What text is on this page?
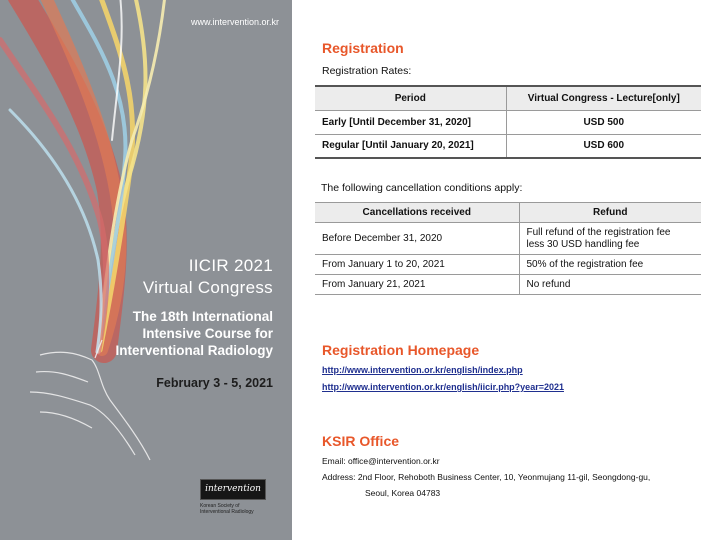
www.intervention.or.kr
IICIR 2021
Virtual Congress
The 18th International
Intensive Course for
Interventional Radiology
February 3 - 5, 2021
intervention
Korean Society of
Interventional Radiology
Registration
Registration Rates:
Period	Virtual Congress - Lecture[only]
Early [Until December 31, 2020]	USD 500
Regular [Until January 20, 2021]	USD 600
The following cancellation conditions apply:
Cancellations received	Refund
Before December 31, 2020	Full refund of the registration fee
less 30 USD handling fee

From January 1 to 20, 2021	50% of the registration fee
From January 21, 2021	No refund
Registration Homepage
http://www.intervention.or.kr/english/index.php
http://www.intervention.or.kr/english/iicir.php?year=2021
KSIR Office
Email: office@intervention.or.kr
Address: 2nd Floor, Rehoboth Business Center, 10, Yeonmujang 11-gil, Seongdong-gu,
Seoul, Korea 04783
